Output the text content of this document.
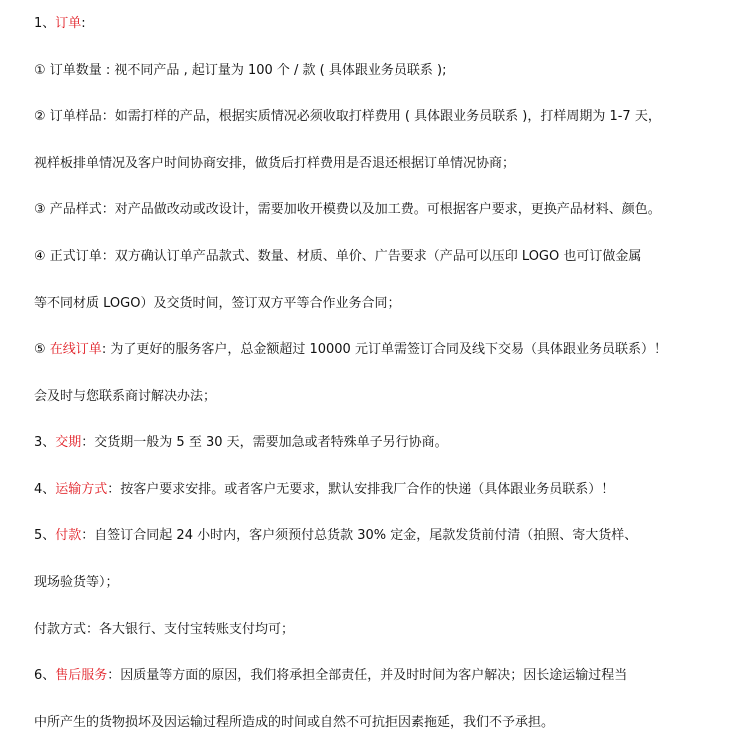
1、订单:
① 订单数量 : 视不同产品 , 起订量为 100 个 / 款 ( 具体跟业务员联系 );
② 订单样品：如需打样的产品，根据实质情况必须收取打样费用 ( 具体跟业务员联系 )，打样周期为 1-7 天，
视样板排单情况及客户时间协商安排，做货后打样费用是否退还根据订单情况协商；
③ 产品样式：对产品做改动或改设计，需要加收开模费以及加工费。可根据客户要求，更换产品材料、颜色。
④ 正式订单：双方确认订单产品款式、数量、材质、单价、广告要求（产品可以压印 LOGO 也可订做金属
等不同材质 LOGO）及交货时间，签订双方平等合作业务合同；
⑤ 在线订单: 为了更好的服务客户，总金额超过 10000 元订单需签订合同及线下交易（具体跟业务员联系）！
会及时与您联系商讨解决办法；
3、交期：交货期一般为 5 至 30 天，需要加急或者特殊单子另行协商。
4、运输方式：按客户要求安排。或者客户无要求，默认安排我厂合作的快递（具体跟业务员联系）！
5、付款：自签订合同起 24 小时内，客户须预付总货款 30% 定金，尾款发货前付清（拍照、寄大货样、
现场验货等）；
付款方式：各大银行、支付宝转账支付均可；
6、售后服务：因质量等方面的原因，我们将承担全部责任，并及时时间为客户解决；因长途运输过程当
中所产生的货物损坏及因运输过程所造成的时间或自然不可抗拒因素拖延，我们不予承担。
